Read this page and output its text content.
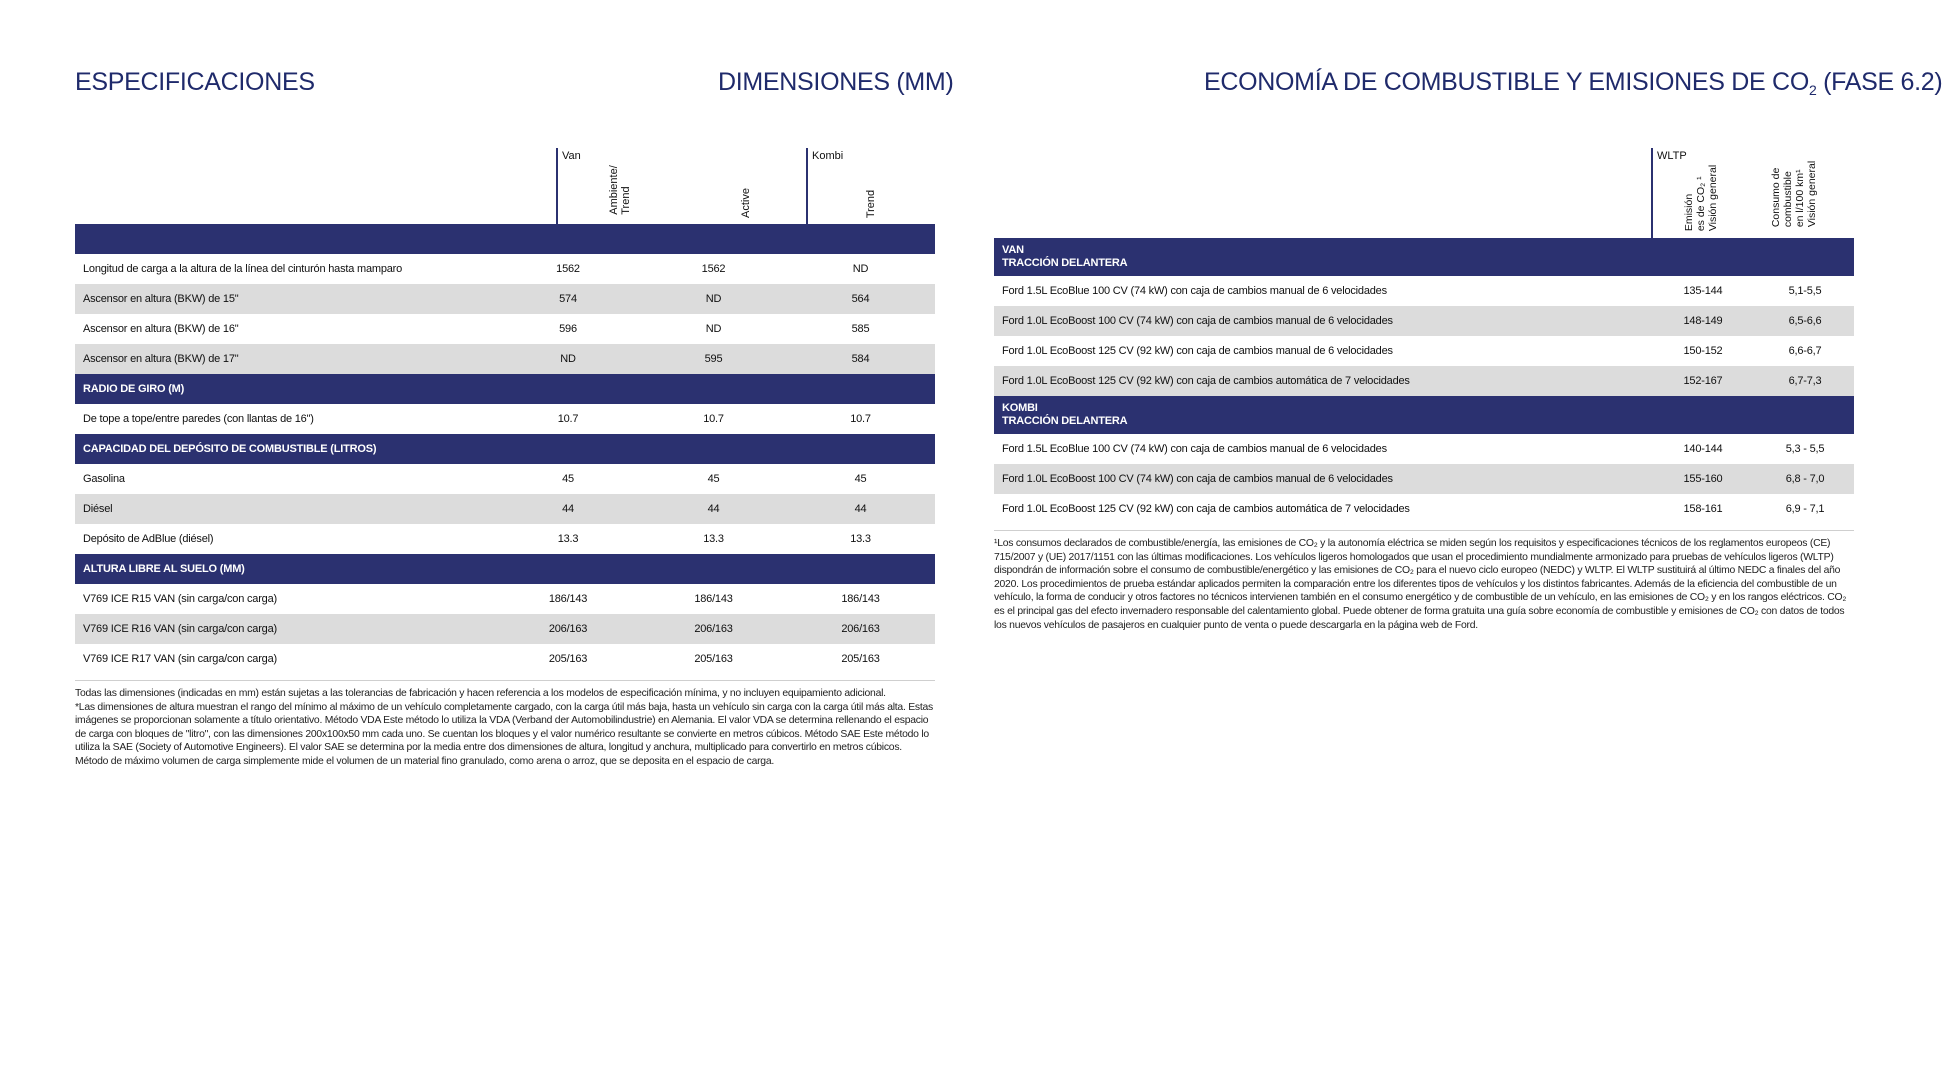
ESPECIFICACIONES	DIMENSIONES (MM)	ECONOMÍA DE COMBUSTIBLE Y EMISIONES DE $CO_2$ (FASE 6.2)
Van	Kombi
Ambiente/
Trend	Active	Trend

Longitud de carga a la altura de la línea del cinturón hasta mamparo	1562	1562	ND
Ascensor en altura (BKW) de 15"	574	ND	564
Ascensor en altura (BKW) de 16"	596	ND	585
Ascensor en altura (BKW) de 17"	ND	595	584
RADIO DE GIRO (M)			
De tope a tope/entre paredes (con llantas de 16")	10.7	10.7	10.7
CAPACIDAD DEL DEPÓSITO DE COMBUSTIBLE (LITROS)			
Gasolina	45	45	45
Diésel	44	44	44
Depósito de AdBlue (diésel)	13.3	13.3	13.3
ALTURA LIBRE AL SUELO (MM)			
V769 ICE R15 VAN (sin carga/con carga)	186/143	186/143	186/143
V769 ICE R16 VAN (sin carga/con carga)	206/163	206/163	206/163
V769 ICE R17 VAN (sin carga/con carga)	205/163	205/163	205/163

Todas las dimensiones (indicadas en mm) están sujetas a las tolerancias de fabricación y hacen referencia a los modelos de especificación mínima, y no incluyen equipamiento adicional.

*Las dimensiones de altura muestran el rango del mínimo al máximo de un vehículo completamente cargado, con la carga útil más baja, hasta un vehículo sin carga con la carga útil más alta. Estas imágenes se proporcionan solamente a título orientativo. Método VDA Este método lo utiliza la VDA (Verband der Automobilindustrie) en Alemania. El valor VDA se determina rellenando el espacio de carga con bloques de "litro", con las dimensiones 200x100x50 mm cada uno. Se cuentan los bloques y el valor numérico resultante se convierte en metros cúbicos. Método SAE Este método lo utiliza la SAE (Society of Automotive Engineers). El valor SAE se determina por la media entre dos dimensiones de altura, longitud y anchura, multiplicado para convertirlo en metros cúbicos. Método de máximo volumen de carga simplemente mide el volumen de un material fino granulado, como arena o arroz, que se deposita en el espacio de carga.

WLTP
Emisión
es de CO₂ ¹
Visión general	Consumo de
combustible
en l/100 km¹
Visión general
VAN
TRACCIÓN DELANTERA		

Ford 1.5L EcoBlue 100 CV (74 kW) con caja de cambios manual de 6 velocidades	135-144	5,1-5,5
Ford 1.0L EcoBoost 100 CV (74 kW) con caja de cambios manual de 6 velocidades	148-149	6,5-6,6
Ford 1.0L EcoBoost 125 CV (92 kW) con caja de cambios manual de 6 velocidades	150-152	6,6-6,7
Ford 1.0L EcoBoost 125 CV (92 kW) con caja de cambios automática de 7 velocidades	152-167	6,7-7,3

KOMBI
TRACCIÓN DELANTERA		

Ford 1.5L EcoBlue 100 CV (74 kW) con caja de cambios manual de 6 velocidades	140-144	5,3 - 5,5
Ford 1.0L EcoBoost 100 CV (74 kW) con caja de cambios manual de 6 velocidades	155-160	6,8 - 7,0
Ford 1.0L EcoBoost 125 CV (92 kW) con caja de cambios automática de 7 velocidades	158-161	6,9 - 7,1

¹Los consumos declarados de combustible/energía, las emisiones de CO₂ y la autonomía eléctrica se miden según los requisitos y especificaciones técnicos de los reglamentos europeos (CE) 715/2007 y (UE) 2017/1151 con las últimas modificaciones. Los vehículos ligeros homologados que usan el procedimiento mundialmente armonizado para pruebas de vehículos ligeros (WLTP) dispondrán de información sobre el consumo de combustible/energético y las emisiones de CO₂ para el nuevo ciclo europeo (NEDC) y WLTP. El WLTP sustituirá al último NEDC a finales del año 2020. Los procedimientos de prueba estándar aplicados permiten la comparación entre los diferentes tipos de vehículos y los distintos fabricantes. Además de la eficiencia del combustible de un vehículo, la forma de conducir y otros factores no técnicos intervienen también en el consumo energético y de combustible de un vehículo, en las emisiones de CO₂ y en los rangos eléctricos. CO₂ es el principal gas del efecto invernadero responsable del calentamiento global. Puede obtener de forma gratuita una guía sobre economía de combustible y emisiones de CO₂ con datos de todos los nuevos vehículos de pasajeros en cualquier punto de venta o puede descargarla en la página web de Ford.
